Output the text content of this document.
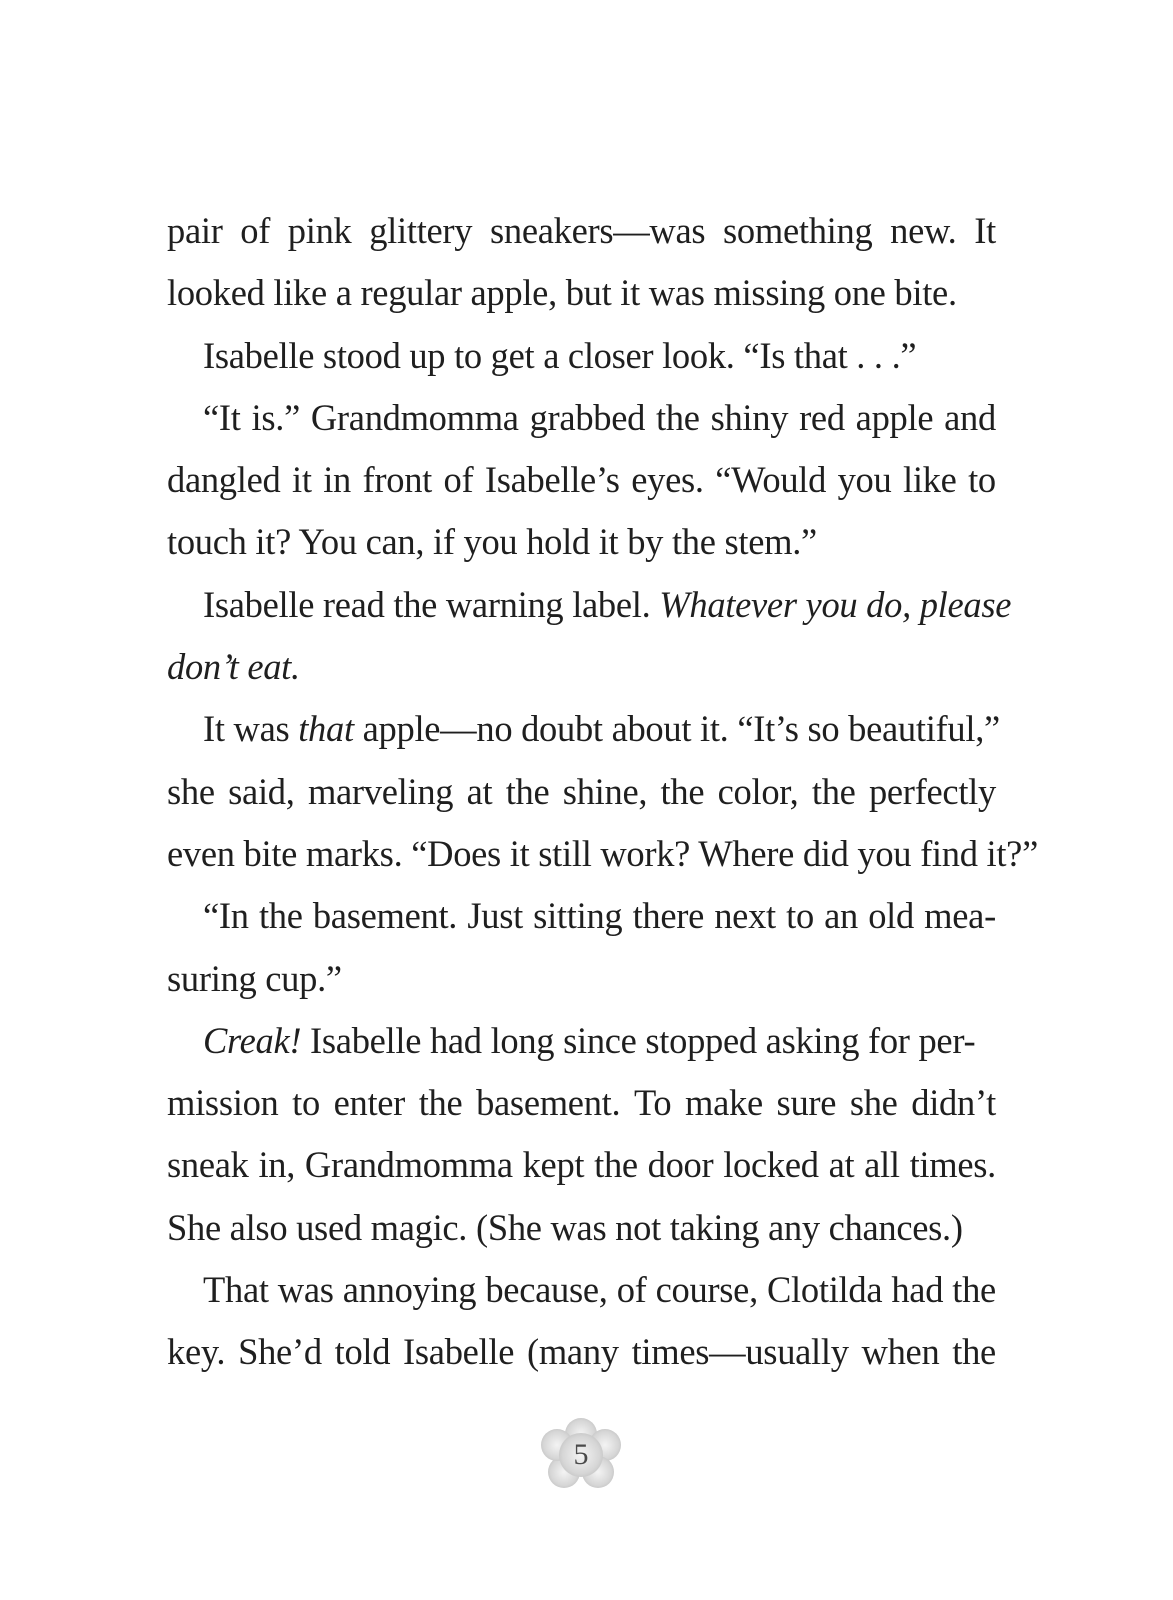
pair of pink glittery sneakers—was something new. It
looked like a regular apple, but it was missing one bite.
Isabelle stood up to get a closer look. “Is that . . .”
“It is.” Grandmomma grabbed the shiny red apple and
dangled it in front of Isabelle’s eyes. “Would you like to
touch it? You can, if you hold it by the stem.”
Isabelle read the warning label. Whatever you do, please
don’t eat.
It was that apple—no doubt about it. “It’s so beautiful,”
she said, marveling at the shine, the color, the perfectly
even bite marks. “Does it still work? Where did you find it?”
“In the basement. Just sitting there next to an old mea-
suring cup.”
Creak! Isabelle had long since stopped asking for per-
mission to enter the basement. To make sure she didn’t
sneak in, Grandmomma kept the door locked at all times.
She also used magic. (She was not taking any chances.)
That was annoying because, of course, Clotilda had the
key. She’d told Isabelle (many times—usually when the
5
